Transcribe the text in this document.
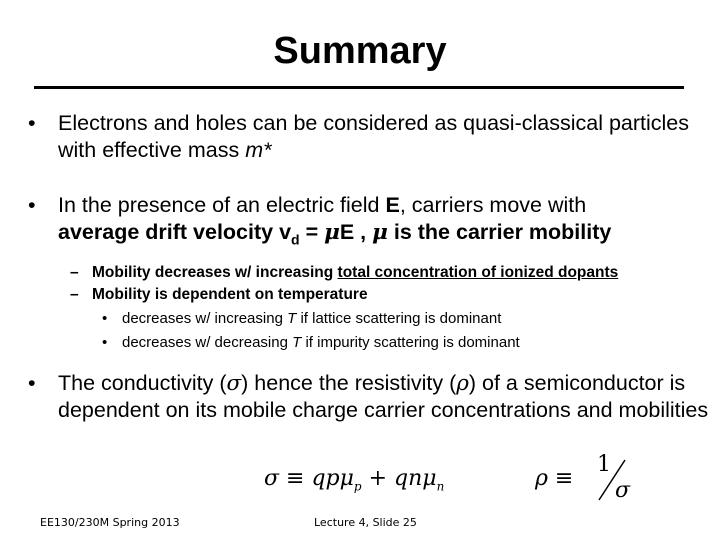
Summary
• Electrons and holes can be considered as quasi-classical particles with effective mass m*
• In the presence of an electric field E, carriers move with
average drift velocity $v_d = \mu E$ , μ is the carrier mobility
– Mobility decreases w/ increasing total concentration of ionized dopants
– Mobility is dependent on temperature
• decreases w/ increasing T if lattice scattering is dominant
• decreases w/ decreasing T if impurity scattering is dominant
• The conductivity (σ) hence the resistivity (ρ) of a semiconductor is dependent on its mobile charge carrier concentrations and mobilities
σ ≡ qpμ$_p$ + qnμ$_n$	ρ ≡
1
σ
EE130/230M Spring 2013	Lecture 4, Slide 25
